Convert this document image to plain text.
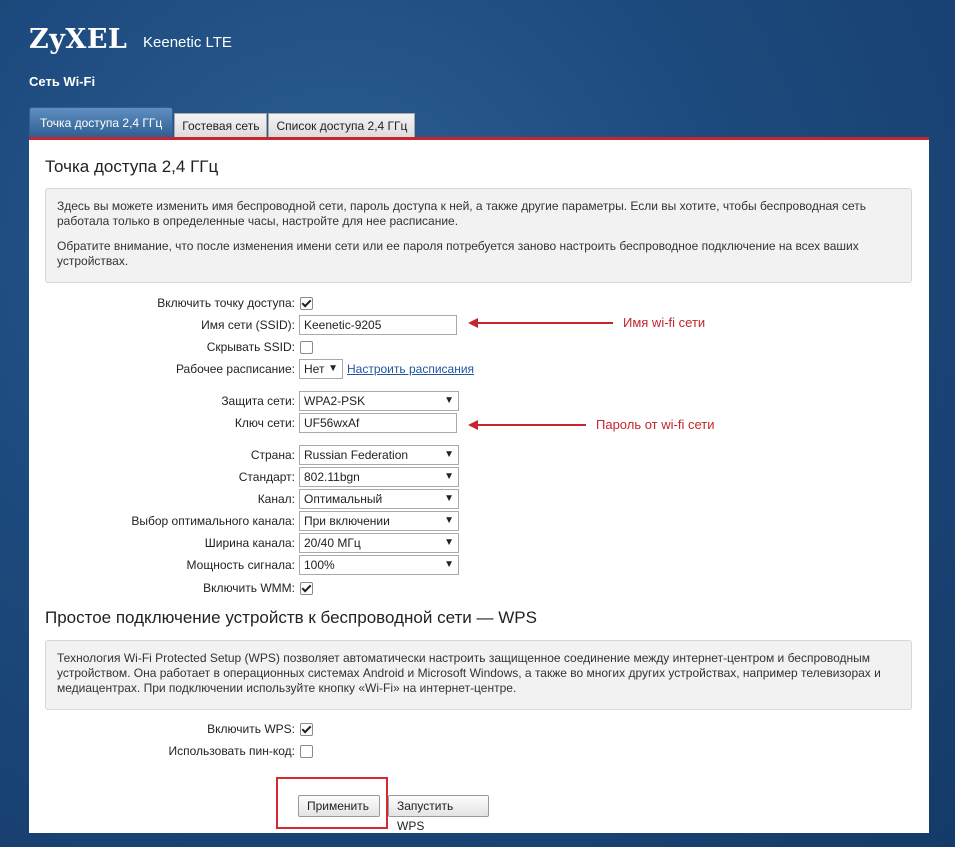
ZyXEL Keenetic LTE
Сеть Wi-Fi
Точка доступа 2,4 ГГц	Гостевая сеть	Список доступа 2,4 ГГц
Точка доступа 2,4 ГГц

Здесь вы можете изменить имя беспроводной сети, пароль доступа к ней, а также другие параметры. Если вы хотите, чтобы беспроводная сеть работала только в определенные часы, настройте для нее расписание.

Обратите внимание, что после изменения имени сети или ее пароля потребуется заново настроить беспроводное подключение на всех ваших устройствах.

Включить точку доступа:
Имя сети (SSID): Keenetic-9205
Скрывать SSID:
Рабочее расписание: Нет ▼ Настроить расписания
Защита сети: WPA2-PSK	▼
Ключ сети: UF56wxAf
Страна: Russian Federation	▼
Стандарт: 802.11bgn	▼
Канал: Оптимальный	▼
Выбор оптимального канала: При включении	▼
Ширина канала: 20/40 МГц	▼
Мощность сигнала: 100%	▼
Включить WMM:
Простое подключение устройств к беспроводной сети — WPS

Технология Wi-Fi Protected Setup (WPS) позволяет автоматически настроить защищенное соединение между интернет-центром и беспроводным устройством. Она работает в операционных системах Android и Microsoft Windows, а также во многих других устройствах, например телевизорах и медиацентрах. При подключении используйте кнопку «Wi-Fi» на интернет-центре.

Включить WPS:
Использовать пин-код:
Применить	Запустить WPS
Имя wi-fi сети
Пароль от wi-fi сети
